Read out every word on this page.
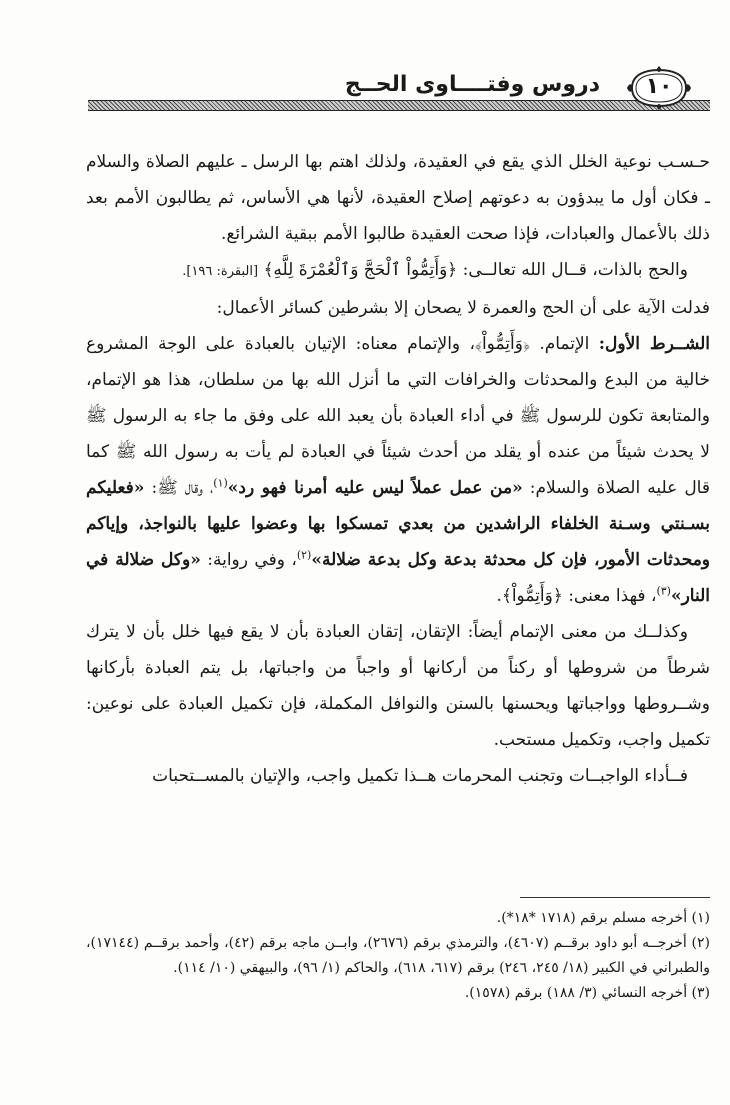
دروس وفتــــاوى الحــج	١٠

حـسـب نوعية الخلل الذي يقع في العقيدة، ولذلك اهتم بها الرسل ـ عليهم الصلاة والسلام ـ فكان أول ما يبدؤون به دعوتهم إصلاح العقيدة، لأنها هي الأساس، ثم يطالبون الأمم بعد ذلك بالأعمال والعبادات، فإذا صحت العقيدة طالبوا الأمم ببقية الشرائع.

والحج بالذات، قــال الله تعالــى: ﴿وَأَتِمُّواْ ٱلْحَجَّ وَٱلْعُمْرَةَ لِلَّهِ﴾ [البقرة: ١٩٦].

فدلت الآية على أن الحج والعمرة لا يصحان إلا بشرطين كسائر الأعمال:

الشــرط الأول: الإتمام. ﴿وَأَتِمُّواْ﴾، والإتمام معناه: الإتيان بالعبادة على الوجة المشروع خالية من البدع والمحدثات والخرافات التي ما أنزل الله بها من سلطان، هذا هو الإتمام، والمتابعة تكون للرسول ﷺ في أداء العبادة بأن يعبد الله على وفق ما جاء به الرسول ﷺ لا يحدث شيئاً من عنده أو يقلد من أحدث شيئاً في العبادة لم يأت به رسول الله ﷺ كما قال عليه الصلاة والسلام: «من عمل عملاً ليس عليه أمرنا فهو رد»$^{(١)}$، وقال ﷺ: «فعليكم بسـنتي وسـنة الخلفاء الراشدين من بعدي تمسكوا بها وعضوا عليها بالنواجذ، وإياكم ومحدثات الأمور، فإن كل محدثة بدعة وكل بدعة ضلالة»$^{(٢)}$، وفي رواية: «وكل ضلالة في النار»$^{(٣)}$، فهذا معنى: ﴿وَأَتِمُّواْ﴾.

وكذلــك من معنى الإتمام أيضاً: الإتقان، إتقان العبادة بأن لا يقع فيها خلل بأن لا يترك شرطاً من شروطها أو ركناً من أركانها أو واجباً من واجباتها، بل يتم العبادة بأركانها وشــروطها وواجباتها ويحسنها بالسنن والنوافل المكملة، فإن تكميل العبادة على نوعين: تكميل واجب، وتكميل مستحب.

فــأداء الواجبــات وتجنب المحرمات هــذا تكميل واجب، والإتيان بالمســتحبات

(١) أخرجه مسلم برقم (١٧١٨ *١٨*).

(٢) أخرجــه أبو داود برقــم (٤٦٠٧)، والترمذي برقم (٢٦٧٦)، وابــن ماجه برقم (٤٢)، وأحمد برقــم (١٧١٤٤)، والطبراني في الكبير (١٨/ ٢٤٥، ٢٤٦) برقم (٦١٧، ٦١٨)، والحاكم (١/ ٩٦)، والبيهقي (١٠/ ١١٤).

(٣) أخرجه النسائي (٣/ ١٨٨) برقم (١٥٧٨).
